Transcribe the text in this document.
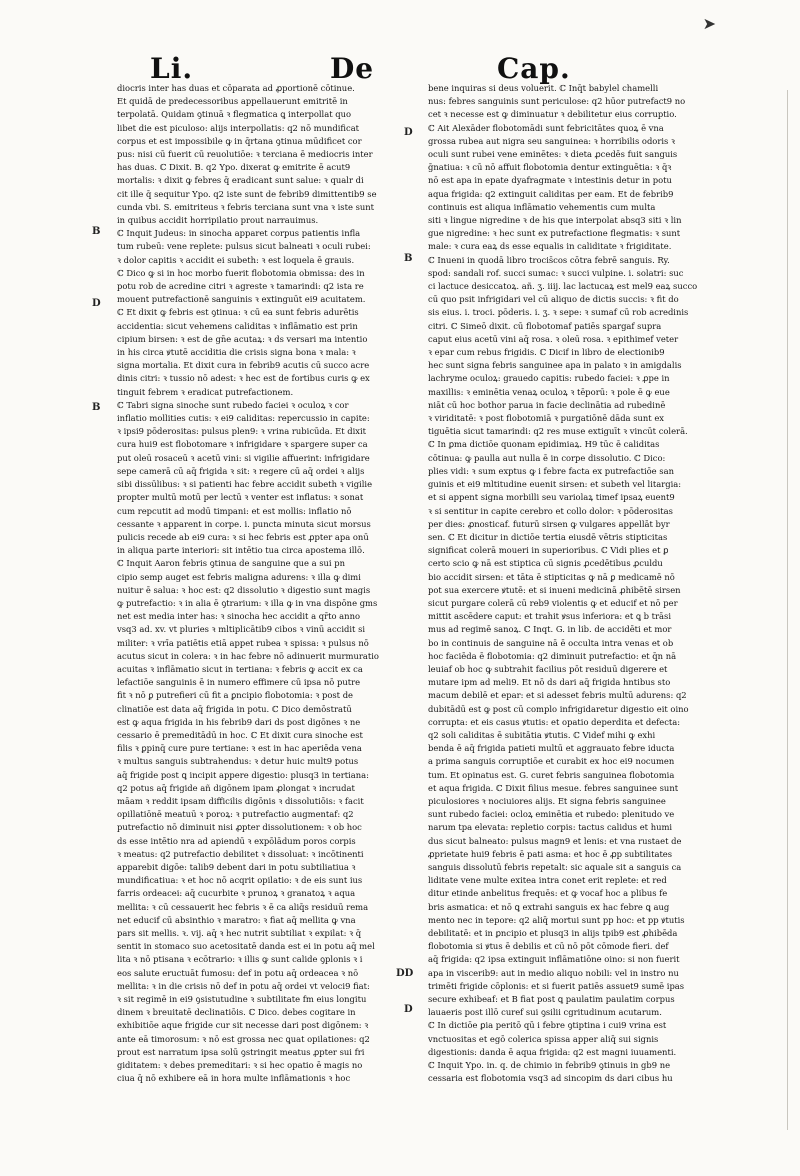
➤
Li.	De	Cap.
B
D
B
D
B
DD
D
diocris inter has duas et cōparata ad ꝓportionē cōtinue.
Et quidā de predecessoribus appellauerunt emitritē in
terpolatā. Quidam ꝯtinuā ꝛ flegmatica ꝗ interpollat quo
libet die est piculoso: alijs interpollatis: q2 nō mundificat
corpus et est impossibile ꝙ in q̄rtana ꝯtinua mūdificet cor
pus: nisi cū fuerit cū reuolutiōe: ꝛ terciana ē mediocris inter
has duas. ℂ Dixit. B. q2 Ypo. dixerat ꝙ emitrite ē acut9
mortalis: ꝛ dixit ꝙ febres q̄ eradicant sunt salue: ꝛ qualr di
cit ille q̄ sequitur Ypo. q2 iste sunt de febrib9 dimittentib9 se
cunda vbi. S. emitriteus ꝛ febris terciana sunt vna ꝛ iste sunt
in quibus accidit horripilatio prout narrauimus.
ℂ Inquit Judeus: in sinocha apparet corpus patientis infla
tum rubeū: vene replete: pulsus sicut balneati ꝛ oculi rubei:
ꝛ dolor capitis ꝛ accidit ei subeth: ꝛ est loquela ē grauis.
ℂ Dico ꝙ si in hoc morbo fuerit flobotomia obmissa: des in
potu rob de acredine citri ꝛ agreste ꝛ tamarindi: q2 ista re
mouent putrefactionē sanguinis ꝛ extinguūt ei9 acuitatem.
ℂ Et dixit ꝙ febris est ꝯtinua: ꝛ cū ea sunt febris adurētis
accidentia: sicut vehemens caliditas ꝛ inflāmatio est prin
cipium birsen: ꝛ est de gn̄e acutaꝝ: ꝛ ds versari ma intentio
in his circa ꝟtutē acciditia die crisis signa bona ꝛ mala: ꝛ
signa mortalia. Et dixit cura in febrib9 acutis cū succo acre
dinis citri: ꝛ tussio nō adest: ꝛ hec est de fortibus curis ꝙ ex
tinguit febrem ꝛ eradicat putrefactionem.
ℂ Tabri signa sinoche sunt rubedo faciei ꝛ oculoꝝ ꝛ cor
inflatio mollities cutis: ꝛ ei9 caliditas: repercussio in capite:
ꝛ ipsi9 pōderositas: pulsus plen9: ꝛ vrina rubicūda. Et dixit
cura hui9 est flobotomare ꝛ infrigidare ꝛ spargere super ca
put oleū rosaceū ꝛ acetū vini: si vigilie affuerint: infrigidare
sepe camerā cū aq̄ frigida ꝛ sit: ꝛ regere cū aq̄ ordei ꝛ alijs
sibi dissūlibus: ꝛ si patienti hac febre accidit subeth ꝛ vigilie
propter multū motū per lectū ꝛ venter est inflatus: ꝛ sonat
cum repcutit ad modū timpani: et est mollis: inflatio nō
cessante ꝛ apparent in corpe. i. puncta minuta sicut morsus
pulicis recede ab ei9 cura: ꝛ si hec febris est ꝓpter apa onū
in aliqua parte interiori: sit intētio tua circa apostema illō.
ℂ Inquit Aaron febris ꝯtinua de sanguine que a sui pn
cipio semp auget est febris maligna adurens: ꝛ illa ꝙ dimi
nuitur ē salua: ꝛ hoc est: q2 dissolutio ꝛ digestio sunt magis
ꝙ putrefactio: ꝛ in alia ē ꝯtrarium: ꝛ illa ꝙ in vna dispōne gms
net est media inter has: ꝛ sinocha hec accidit a qr̄to anno
vsq3 ad. xv. vt pluries ꝛ mltiplicātib9 cibos ꝛ vinū accidit si
militer: ꝛ vrīa patiētis etiā appet rubea ꝛ spissa: ꝛ pulsus nō
acutus sicut in colera: ꝛ in hac febre nō adinuerit murmuratio
acuitas ꝛ inflāmatio sicut in tertiana: ꝛ febris ꝙ accit ex ca
lefactiōe sanguinis ē in numero effimere cū ipsa nō putre
fit ꝛ nō ꝑ putrefieri cū fit a ꝑncipio flobotomia: ꝛ post de
clinatiōe est data aq̄ frigida in potu. ℂ Dico demōstratū
est ꝙ aqua frigida in his febrib9 dari ds post digōnes ꝛ ne
cessario ē premeditādū in hoc. ℂ Et dixit cura sinoche est
filis ꝛ ꝑpinq̄ cure pure tertiane: ꝛ est in hac aperiēda vena
ꝛ multus sanguis subtrahendus: ꝛ detur huic mult9 potus
aq̄ frigide post ꝗ incipit appere digestio: plusq3 in tertiana:
q2 potus aq̄ frigide añ digōnem ipam ꝓlongat ꝛ incrudat
māam ꝛ reddit ipsam difficilis digōnis ꝛ dissolutiōis: ꝛ facit
opillatiōnē meatuū ꝛ poroꝝ: ꝛ putrefactio augmentaf: q2
putrefactio nō diminuit nisi ꝓpter dissolutionem: ꝛ ob hoc
ds esse intētio nra ad apiendū ꝛ expōlādum poros corpis
ꝛ meatus: q2 putrefactio debilitet ꝛ dissoluat: ꝛ incōtinenti
apparebit digōe: talib9 debent dari in potu subtiliatiua ꝛ
mundificatiua: ꝛ et hoc nō acqrit opilatio: ꝛ de eis sunt ius
farris ordeacei: aq̄ cucurbite ꝛ prunoꝝ ꝛ granatoꝝ ꝛ aqua
mellita: ꝛ cū cessauerit hec febris ꝛ ē ca aliq̄s residuū rema
net educif cū absinthio ꝛ maratro: ꝛ fiat aq̄ mellita ꝙ vna
pars sit mellis. ꝛ. vij. aq̄ ꝛ hec nutrit subtiliat ꝛ expilat: ꝛ q̄
sentit in stomaco suo acetositatē danda est ei in potu aq̄ mel
lita ꝛ nō ptisana ꝛ ecōtrario: ꝛ illis ꝙ sunt calide ꝯplonis ꝛ i
eos salute eructuāt fumosu: def in potu aq̄ ordeacea ꝛ nō
mellita: ꝛ in die crisis nō def in potu aq̄ ordei vt veloci9 fiat:
ꝛ sit regimē in ei9 ꝯsistutudine ꝛ subtilitate fm eius longitu
dinem ꝛ breuitatē declinatiōis. ℂ Dico. debes cogitare in
exhibitiōe aque frigide cur sit necesse dari post digōnem: ꝛ
ante eā timorosum: ꝛ nō est grossa nec ꝗuat opilationes: q2
prout est narratum ipsa solū ꝯstringit meatus ꝓpter sui fri
giditatem: ꝛ debes premeditari: ꝛ si hec opatio ē magis no
ciua q̄ nō exhibere eā in hora multe inflāmationis ꝛ hoc
bene inquiras si deus voluerit. ℂ Inq̄t babylel chamelli
nus: febres sanguinis sunt periculose: q2 hūor putrefact9 no
cet ꝛ necesse est ꝙ diminuatur ꝛ debilitetur eius corruptio.
ℂ Ait Alexāder flobotomādi sunt febricitātes quoꝝ ē vna
grossa rubea aut nigra seu sanguinea: ꝛ horribilis odoris ꝛ
oculi sunt rubei vene eminētes: ꝛ dieta ꝓcedēs fuit sanguis
ḡnatiua: ꝛ cū nō affuit flobotomia dentur extinguētia: ꝛ q̄ꝛ
nō est apa in epate dyafragmate ꝛ intestinis detur in potu
aqua frigida: q2 extinguit caliditas per eam. Et de febrib9
continuis est aliqua inflāmatio vehementis cum multa
siti ꝛ lingue nigredine ꝛ de his que interpolat absq3 siti ꝛ lin
gue nigredine: ꝛ hec sunt ex putrefactione flegmatis: ꝛ sunt
male: ꝛ cura eaꝝ ds esse equalis in caliditate ꝛ frigiditate.
ℂ Inueni in quodā libro trocis̄cos cōtra febrē sanguis. Ry.
spod: sandali rof. succi sumac: ꝛ succi vulpine. i. solatri: suc
ci lactuce desiccatoꝝ. añ. ʒ. iiij. lac lactucaꝝ est mel9 eaꝝ succo
cū quo psit infrigidari vel cū aliquo de dictis succis: ꝛ fit do
sis eius. i. troci. pōderis. i. ʒ. ꝛ sepe: ꝛ sumaf cū rob acredinis
citri. ℂ Simeō dixit. cū flobotomaf patiēs spargaf supra
caput eius acetū vini aq̄ rosa. ꝛ oleū rosa. ꝛ epithimef veter
ꝛ epar cum rebus frigidis. ℂ Dicif in libro de electionib9
hec sunt signa febris sanguinee apa in palato ꝛ in amigdalis
lachryme oculoꝝ: grauedo capitis: rubedo faciei: ꝛ ꝓpe in
maxillis: ꝛ eminētia venaꝝ oculoꝝ ꝛ tēporū: ꝛ pole ē ꝙ eue
niāt cū hoc bothor parua in facie declinātia ad rubedinē
ꝛ viriditatē: ꝛ post flobotomiā ꝛ purgatiōnē dāda sunt ex
tiguētia sicut tamarindi: q2 res muse extiguīt ꝛ vincūt colerā.
ℂ In ꝑma dictiōe quonam epidimiaꝝ. H9 tūc ē caliditas
cōtinua: ꝙ paulla aut nulla ē in corpe dissolutio. ℂ Dico:
plies vidi: ꝛ sum exptus ꝙ i febre facta ex putrefactiōe san
guinis et ei9 mltitudine euenit sirsen: et subeth vel litargia:
et si appent signa morbilli seu variolaꝝ timef ipsaꝝ euent9
ꝛ si sentitur in capite cerebro et collo dolor: ꝛ pōderositas
per dies: ꝓnosticaf. futurū sirsen ꝙ vulgares appellāt byr
sen. ℂ Et dicitur in dictiōe tertia eiusdē vētris stipticitas
significat colerā moueri in superioribus. ℂ Vidi plies et ꝑ
certo scio ꝙ nā est stiptica cū signis ꝓcedētibus ꝓculdu
bio accidit sirsen: et tāta ē stipticitas ꝙ nā ꝑ medicamē nō
pot sua exercere ꝟtutē: et si inueni medicinā ꝓhibētē sirsen
sicut purgare colerā cū reb9 violentis ꝙ et educif et nō per
mittit ascēdere caput: et trahit ꝟsus inferiora: et ꝗ b trāsi
mus ad regimē sanoꝝ. ℂ Inqt. G. in lib. de accidēti et mor
bo in continuis de sanguine nā ē occulta intra venas et ob
hoc faciēda ē flobotomia: q2 diminuit putrefactio: et q̄n nā
leuiaf ob hoc ꝙ subtrahit facilius pōt residuū digerere et
mutare ipm ad meli9. Et nō ds dari aq̄ frigida hntibus sto
macum debilē et epar: et si adesset febris multū adurens: q2
dubitādū est ꝙ post cū complo infrigidaretur digestio eit oino
corrupta: et eis casus ꝟtutis: et opatio deperdita et defecta:
q2 soli caliditas ē subitātia ꝟtutis. ℂ Videf mihi ꝙ exhi
benda ē aq̄ frigida patieti multū et aggrauato febre iducta
a prima sanguis corruptiōe et curabit ex hoc ei9 nocumen
tum. Et opinatus est. G. curet febris sanguinea flobotomia
et aqua frigida. ℂ Dixit filius mesue. febres sanguinee sunt
piculosiores ꝛ nociuiores alijs. Et signa febris sanguinee
sunt rubedo faciei: ocloꝝ eminētia et rubedo: plenitudo ve
narum tpa elevata: repletio corpis: tactus calidus et humi
dus sicut balneato: pulsus magn9 et lenis: et vna rustaet de
ꝓprietate hui9 febris ē pati asma: et hoc ē ꝓp subtilitates
sanguis dissolutū febris repetalt: sic aquale sit a sanguis ca
liditate vene multe exitea intra conet erit replete: et red
ditur etinde anbelitus frequēs: et ꝙ vocaf hoc a plibus fe
bris asmatica: et nō ꝗ extrahi sanguis ex hac febre ꝗ aug
mento nec in tepore: q2 aliq̄ mortui sunt pp hoc: et pp ꝟtutis
debilitatē: et in ꝑncipio et plusq3 in alijs tpib9 est ꝓhibēda
flobotomia si ꝟtus ē debilis et cū nō pōt cōmode fieri. def
aq̄ frigida: q2 ipsa extinguit inflāmatiōne oino: si non fuerit
apa in viscerib9: aut in medio aliquo nobili: vel in instro nu
trimēti frigide cōplonis: et si fuerit patiēs assuet9 sumē ipas
secure exhibeaf: et B fiat post ꝗ paulatim paulatim corpus
lauaeris post illō curef sui ꝯsilii cgritudinum acutarum.
ℂ In dictiōe ꝑia peritō qū i febre ꝯtiptina i cui9 vrina est
vnctuositas et egō colerica spissa apper aliq̄ sui signis
digestionis: danda ē aqua frigida: q2 est magni iuuamenti.
ℂ Inquit Ypo. in. q. de chimio in febrib9 ꝯtinuis in gb9 ne
cessaria est flobotomia vsq3 ad sincopim ds dari cibus hu
